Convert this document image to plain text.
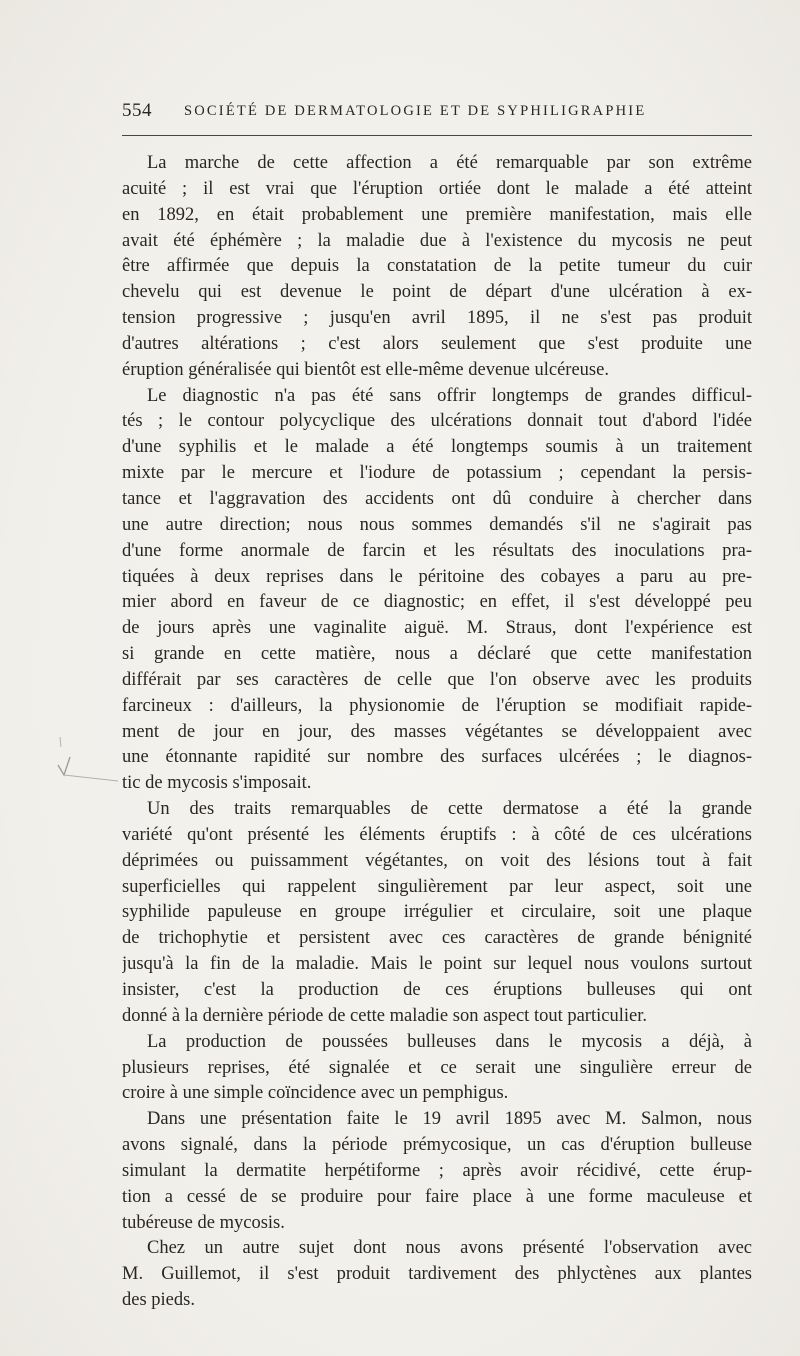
554 SOCIÉTÉ DE DERMATOLOGIE ET DE SYPHILIGRAPHIE
La marche de cette affection a été remarquable par son extrême
acuité ; il est vrai que l'éruption ortiée dont le malade a été atteint
en 1892, en était probablement une première manifestation, mais elle
avait été éphémère ; la maladie due à l'existence du mycosis ne peut
être affirmée que depuis la constatation de la petite tumeur du cuir
chevelu qui est devenue le point de départ d'une ulcération à ex-
tension progressive ; jusqu'en avril 1895, il ne s'est pas produit
d'autres altérations ; c'est alors seulement que s'est produite une
éruption généralisée qui bientôt est elle-même devenue ulcéreuse.
Le diagnostic n'a pas été sans offrir longtemps de grandes difficul-
tés ; le contour polycyclique des ulcérations donnait tout d'abord l'idée
d'une syphilis et le malade a été longtemps soumis à un traitement
mixte par le mercure et l'iodure de potassium ; cependant la persis-
tance et l'aggravation des accidents ont dû conduire à chercher dans
une autre direction; nous nous sommes demandés s'il ne s'agirait pas
d'une forme anormale de farcin et les résultats des inoculations pra-
tiquées à deux reprises dans le péritoine des cobayes a paru au pre-
mier abord en faveur de ce diagnostic; en effet, il s'est développé peu
de jours après une vaginalite aiguë. M. Straus, dont l'expérience est
si grande en cette matière, nous a déclaré que cette manifestation
différait par ses caractères de celle que l'on observe avec les produits
farcineux : d'ailleurs, la physionomie de l'éruption se modifiait rapide-
ment de jour en jour, des masses végétantes se développaient avec
une étonnante rapidité sur nombre des surfaces ulcérées ; le diagnos-
tic de mycosis s'imposait.
Un des traits remarquables de cette dermatose a été la grande
variété qu'ont présenté les éléments éruptifs : à côté de ces ulcérations
déprimées ou puissamment végétantes, on voit des lésions tout à fait
superficielles qui rappelent singulièrement par leur aspect, soit une
syphilide papuleuse en groupe irrégulier et circulaire, soit une plaque
de trichophytie et persistent avec ces caractères de grande bénignité
jusqu'à la fin de la maladie. Mais le point sur lequel nous voulons surtout
insister, c'est la production de ces éruptions bulleuses qui ont
donné à la dernière période de cette maladie son aspect tout particulier.
La production de poussées bulleuses dans le mycosis a déjà, à
plusieurs reprises, été signalée et ce serait une singulière erreur de
croire à une simple coïncidence avec un pemphigus.
Dans une présentation faite le 19 avril 1895 avec M. Salmon, nous
avons signalé, dans la période prémycosique, un cas d'éruption bulleuse
simulant la dermatite herpétiforme ; après avoir récidivé, cette érup-
tion a cessé de se produire pour faire place à une forme maculeuse et
tubéreuse de mycosis.
Chez un autre sujet dont nous avons présenté l'observation avec
M. Guillemot, il s'est produit tardivement des phlyctènes aux plantes
des pieds.
